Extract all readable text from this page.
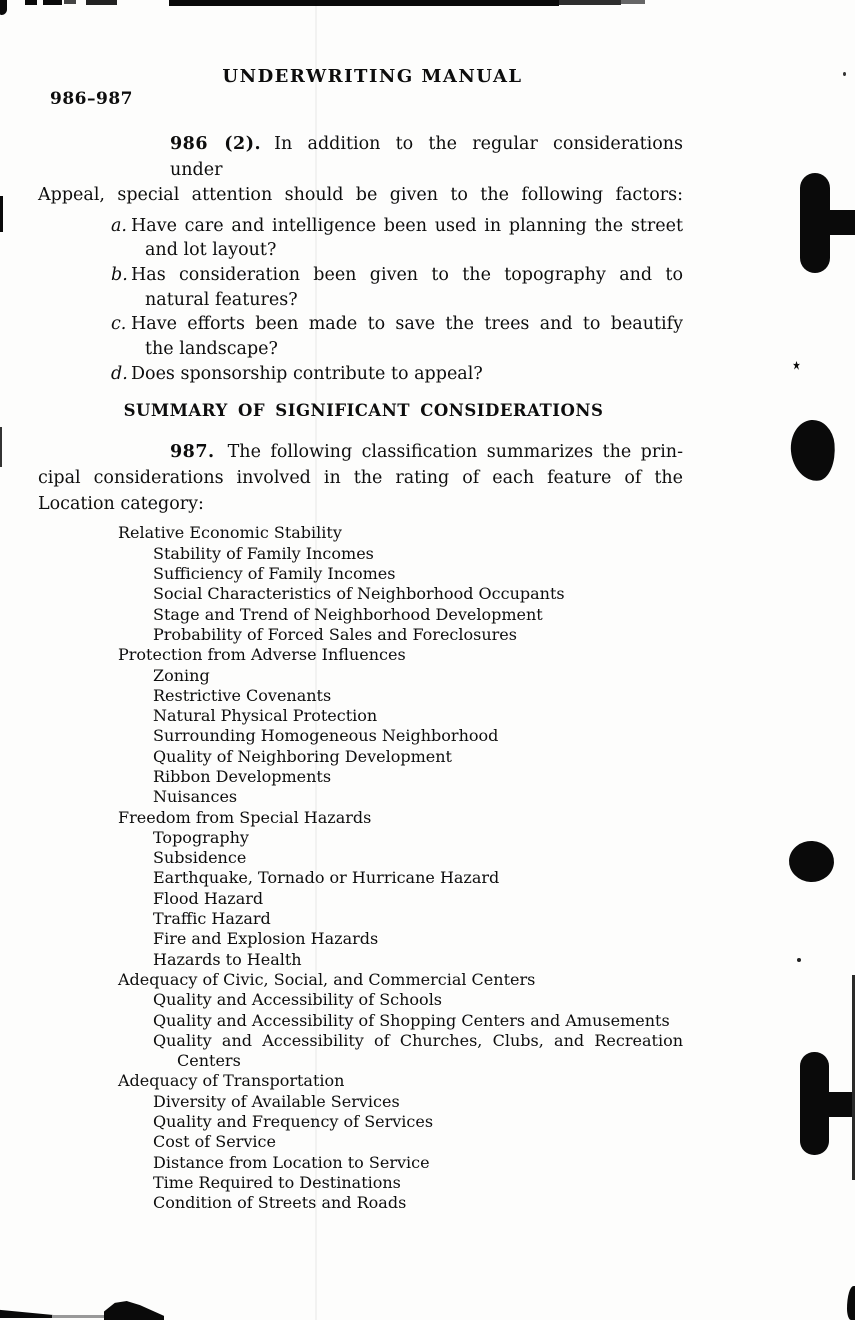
UNDERWRITING MANUAL
986–987
986 (2). In addition to the regular considerations under
Appeal, special attention should be given to the following factors:
a. Have care and intelligence been used in planning the street
and lot layout?
b. Has consideration been given to the topography and to
natural features?
c. Have efforts been made to save the trees and to beautify
the landscape?
d. Does sponsorship contribute to appeal?
SUMMARY OF SIGNIFICANT CONSIDERATIONS
987. The following classification summarizes the prin-
cipal considerations involved in the rating of each feature of the
Location category:
Relative Economic Stability
Stability of Family Incomes
Sufficiency of Family Incomes
Social Characteristics of Neighborhood Occupants
Stage and Trend of Neighborhood Development
Probability of Forced Sales and Foreclosures
Protection from Adverse Influences
Zoning
Restrictive Covenants
Natural Physical Protection
Surrounding Homogeneous Neighborhood
Quality of Neighboring Development
Ribbon Developments
Nuisances
Freedom from Special Hazards
Topography
Subsidence
Earthquake, Tornado or Hurricane Hazard
Flood Hazard
Traffic Hazard
Fire and Explosion Hazards
Hazards to Health
Adequacy of Civic, Social, and Commercial Centers
Quality and Accessibility of Schools
Quality and Accessibility of Shopping Centers and Amusements
Quality and Accessibility of Churches, Clubs, and Recreation
Centers
Adequacy of Transportation
Diversity of Available Services
Quality and Frequency of Services
Cost of Service
Distance from Location to Service
Time Required to Destinations
Condition of Streets and Roads
